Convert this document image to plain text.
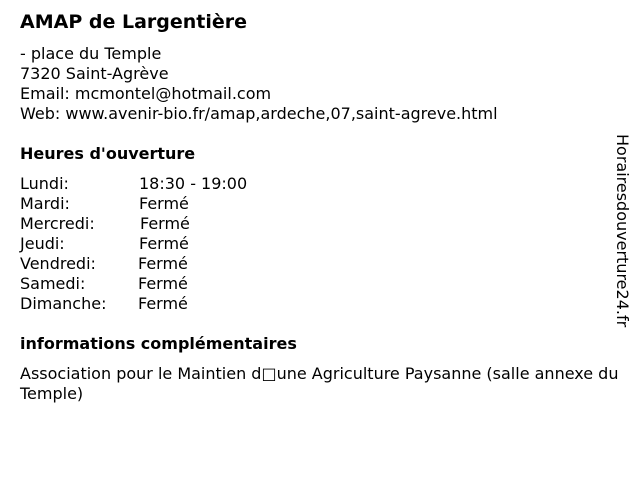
AMAP de Largentière
- place du Temple
7320 Saint-Agrève
Email: mcmontel@hotmail.com
Web: www.avenir-bio.fr/amap,ardeche,07,saint-agreve.html
Heures d'ouverture
Lundi:	18:30 - 19:00
Mardi:	Fermé
Mercredi:	Fermé
Jeudi:	Fermé
Vendredi:	Fermé
Samedi:	Fermé
Dimanche: Fermé
informations complémentaires
Association pour le Maintien d□une Agriculture Paysanne (salle annexe du Temple)
Horairesdouverture24.fr
